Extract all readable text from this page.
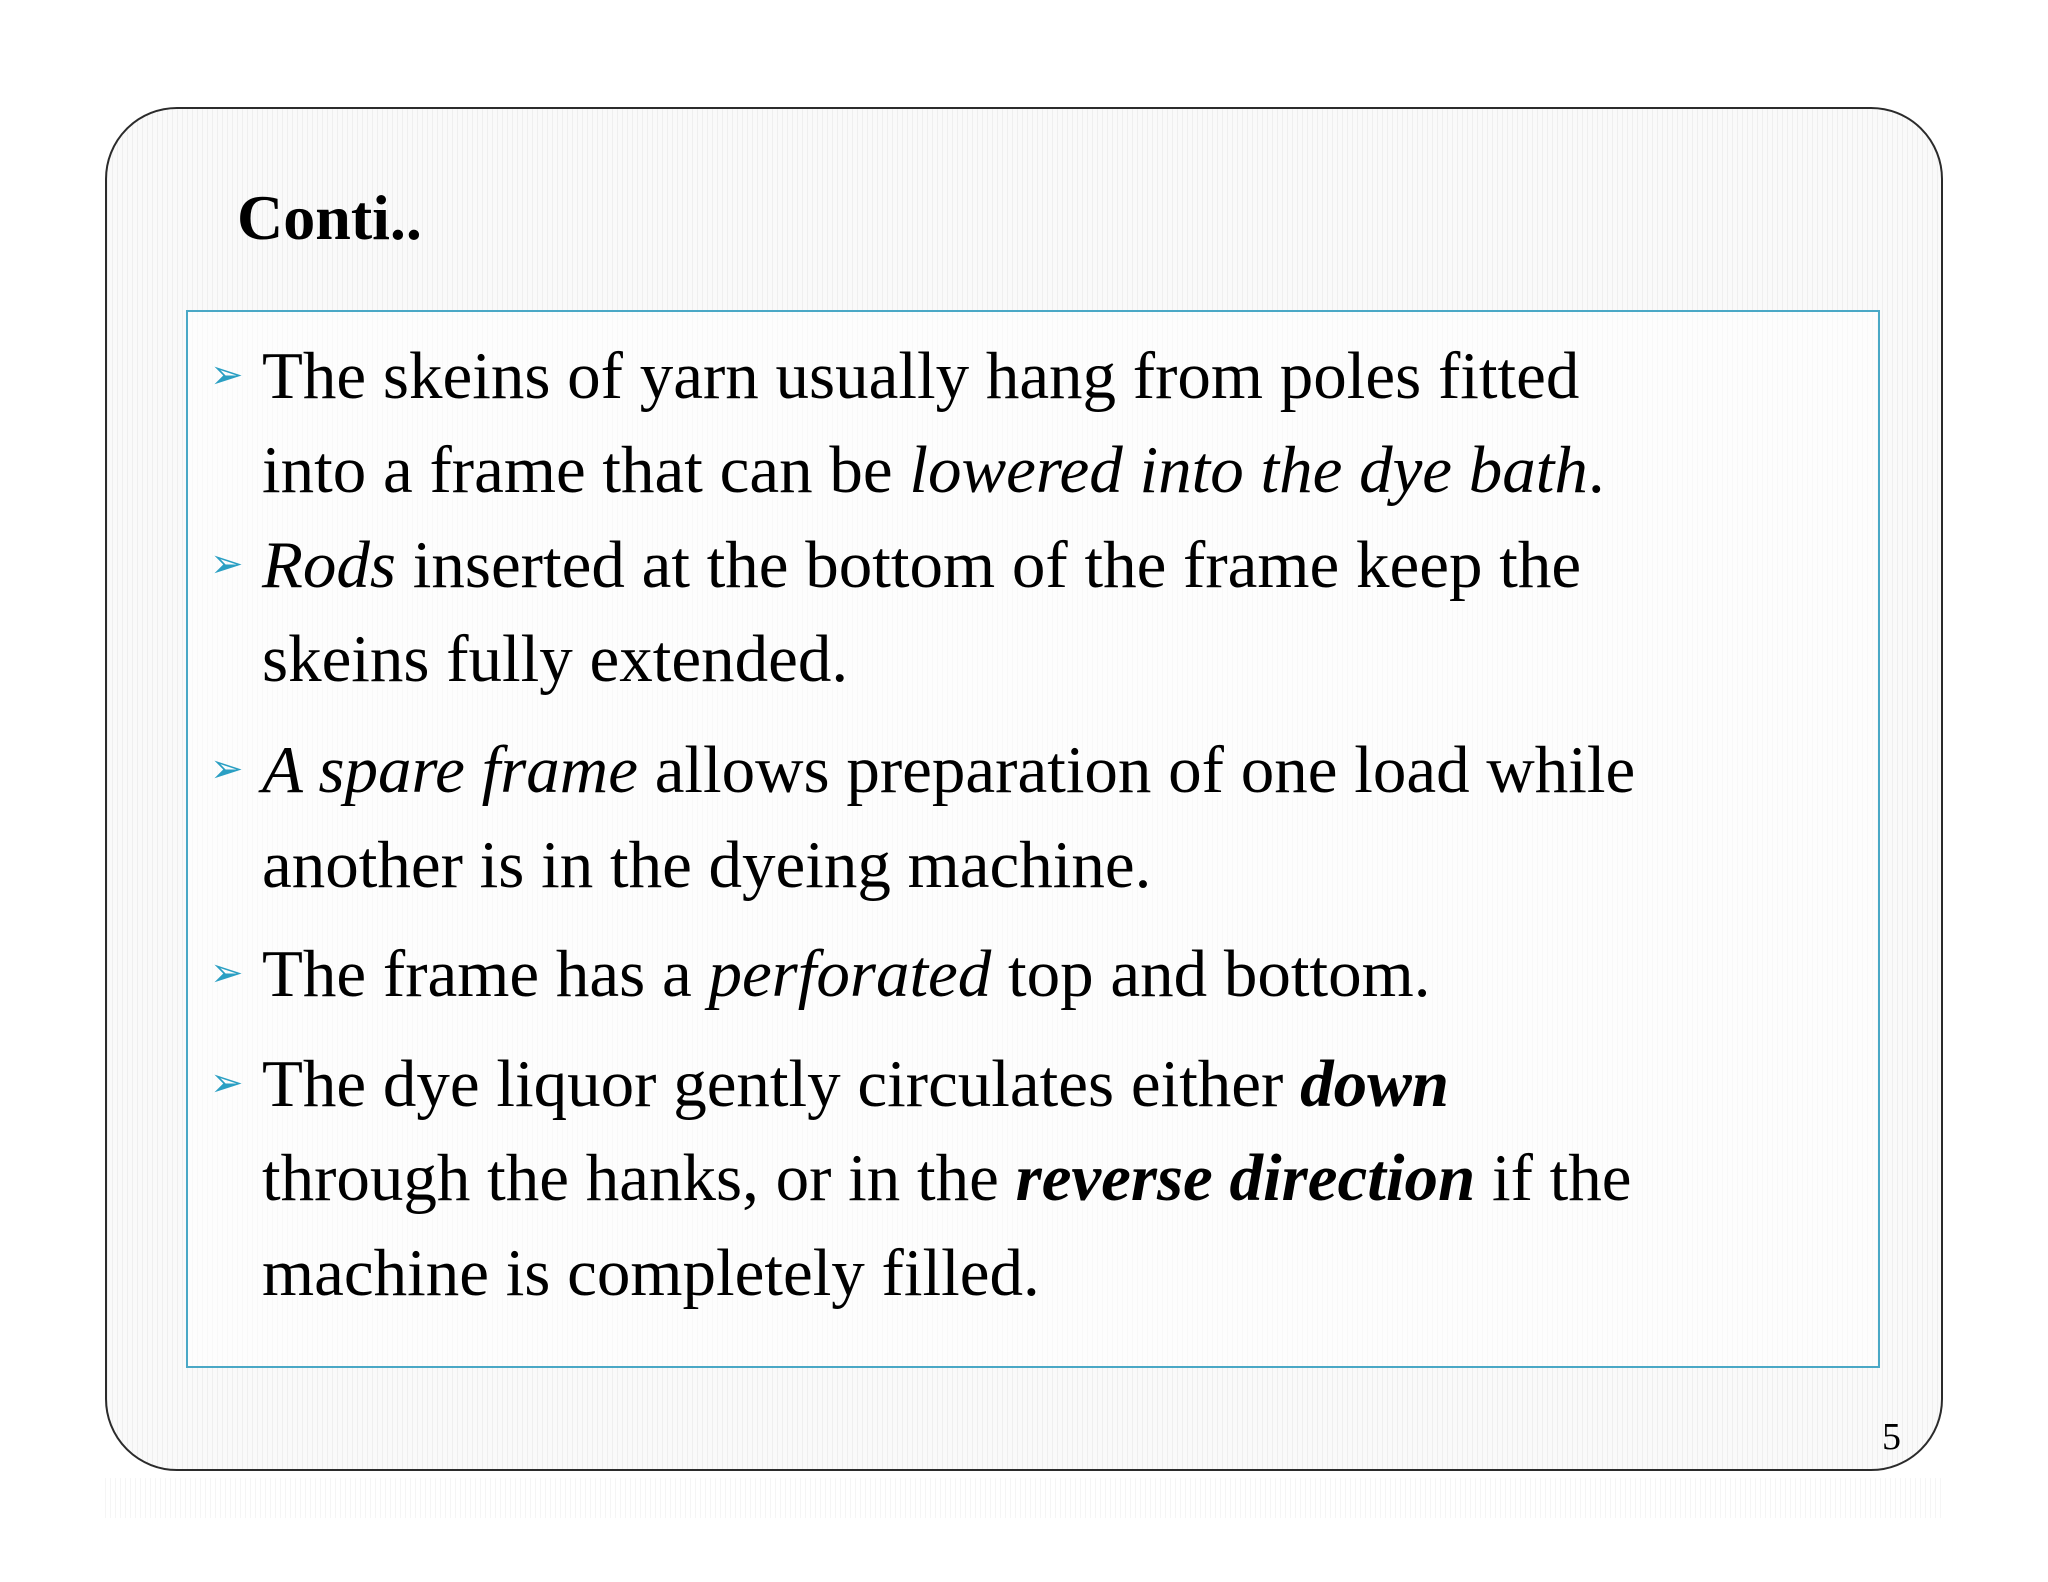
Conti..
➢ The skeins of yarn usually hang from poles fitted
into a frame that can be lowered into the dye bath.
➢ Rods inserted at the bottom of the frame keep the
skeins fully extended.
➢ A spare frame allows preparation of one load while
another is in the dyeing machine.
➢ The frame has a perforated top and bottom.
➢ The dye liquor gently circulates either down
through the hanks, or in the reverse direction if the
machine is completely filled.
5
